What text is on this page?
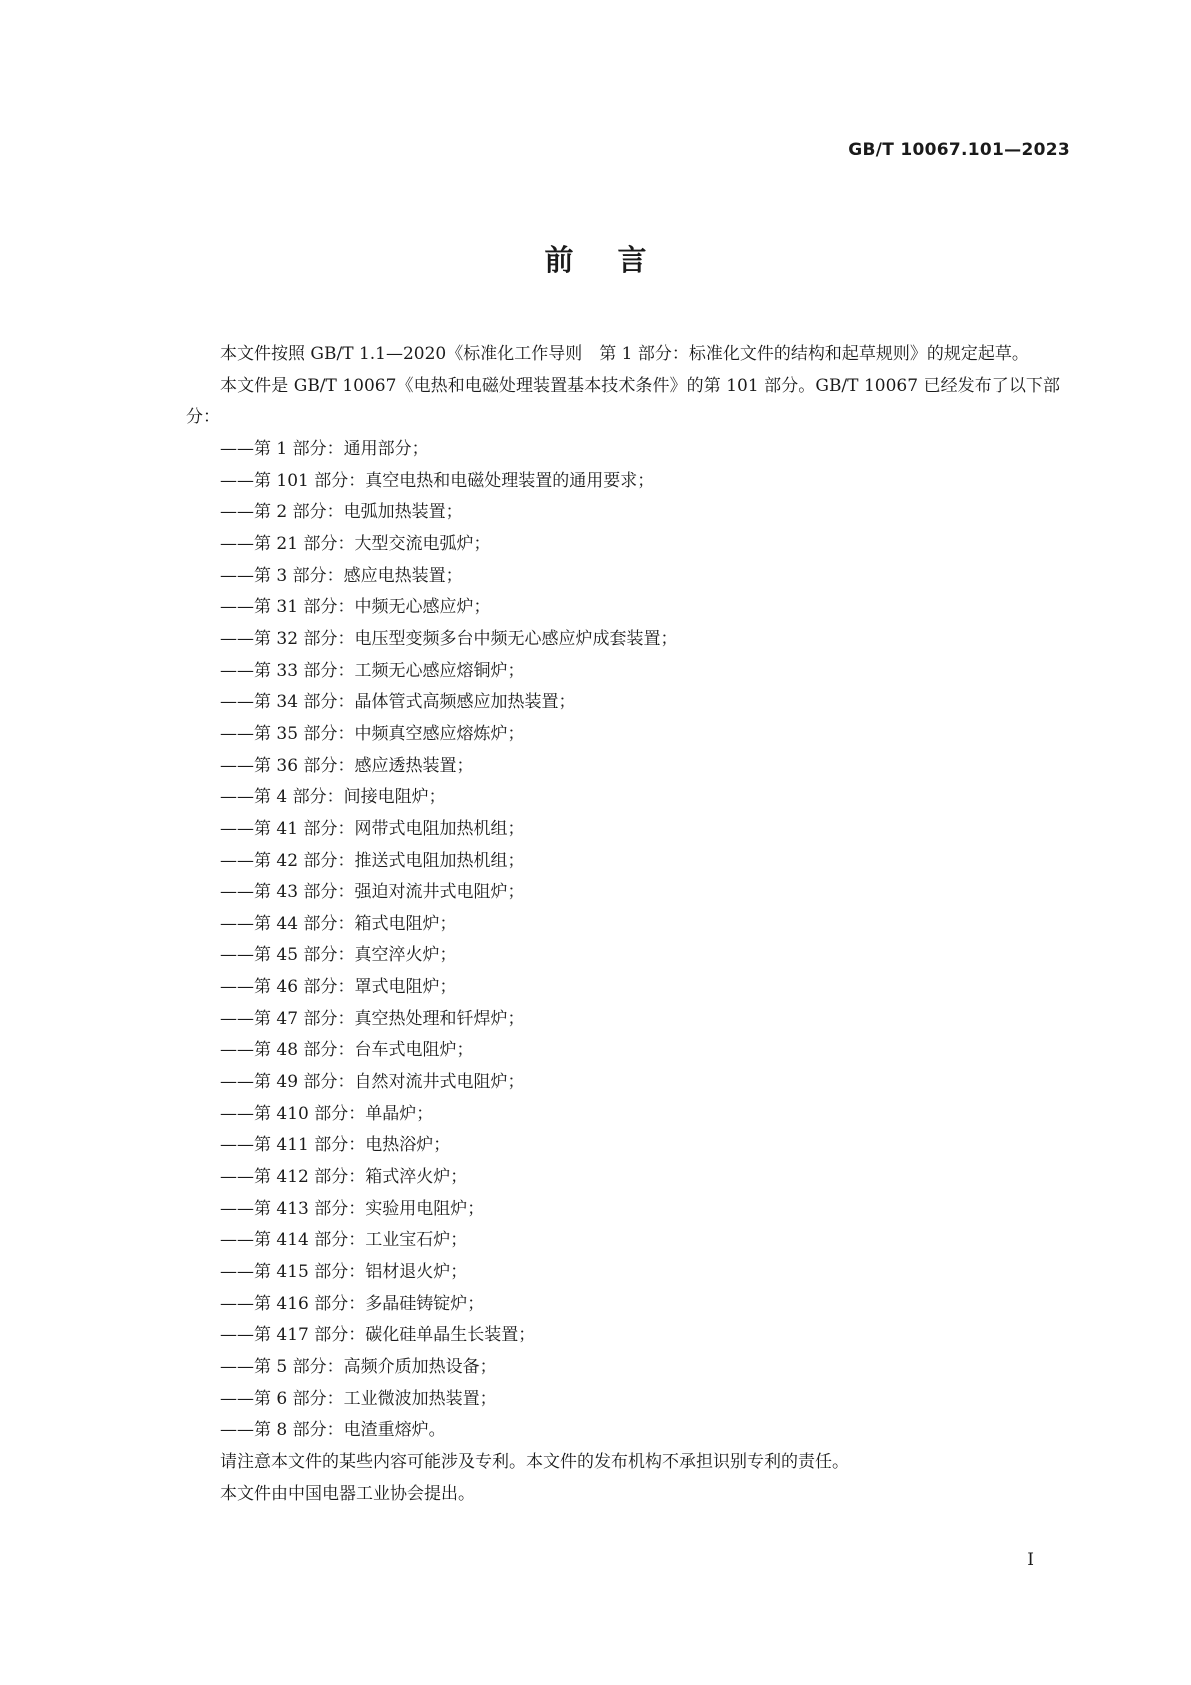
GB/T 10067.101—2023
前言

本文件按照 GB/T 1.1—2020《标准化工作导则　第 1 部分：标准化文件的结构和起草规则》的规定起草。

本文件是 GB/T 10067《电热和电磁处理装置基本技术条件》的第 101 部分。GB/T 10067 已经发布了以下部分：

——第 1 部分：通用部分；
——第 101 部分：真空电热和电磁处理装置的通用要求；
——第 2 部分：电弧加热装置；
——第 21 部分：大型交流电弧炉；
——第 3 部分：感应电热装置；
——第 31 部分：中频无心感应炉；
——第 32 部分：电压型变频多台中频无心感应炉成套装置；
——第 33 部分：工频无心感应熔铜炉；
——第 34 部分：晶体管式高频感应加热装置；
——第 35 部分：中频真空感应熔炼炉；
——第 36 部分：感应透热装置；
——第 4 部分：间接电阻炉；
——第 41 部分：网带式电阻加热机组；
——第 42 部分：推送式电阻加热机组；
——第 43 部分：强迫对流井式电阻炉；
——第 44 部分：箱式电阻炉；
——第 45 部分：真空淬火炉；
——第 46 部分：罩式电阻炉；
——第 47 部分：真空热处理和钎焊炉；
——第 48 部分：台车式电阻炉；
——第 49 部分：自然对流井式电阻炉；
——第 410 部分：单晶炉；
——第 411 部分：电热浴炉；
——第 412 部分：箱式淬火炉；
——第 413 部分：实验用电阻炉；
——第 414 部分：工业宝石炉；
——第 415 部分：铝材退火炉；
——第 416 部分：多晶硅铸锭炉；
——第 417 部分：碳化硅单晶生长装置；
——第 5 部分：高频介质加热设备；
——第 6 部分：工业微波加热装置；
——第 8 部分：电渣重熔炉。

请注意本文件的某些内容可能涉及专利。本文件的发布机构不承担识别专利的责任。

本文件由中国电器工业协会提出。

I
